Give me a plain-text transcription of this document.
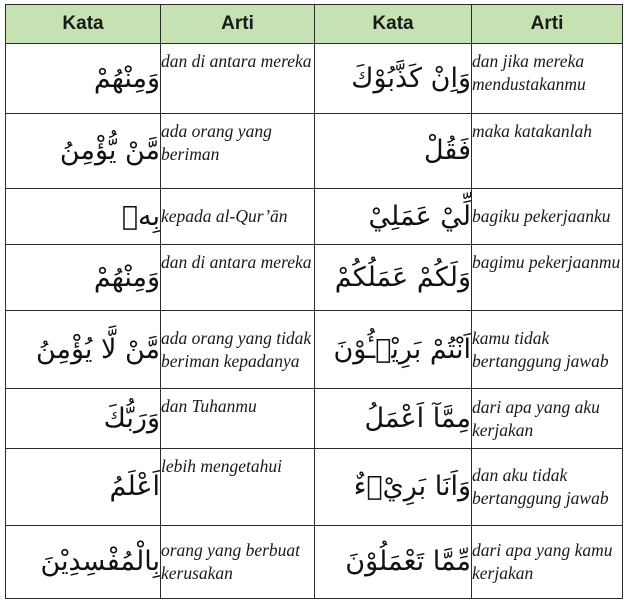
Kata	Arti	Kata	Arti
وَمِنْهُمْ	dan di antara mereka	وَاِنْ كَذَّبُوْكَ	dan jika mereka mendustakanmu
مَّنْ يُّؤْمِنُ	ada orang yang beriman	فَقُلْ	maka katakanlah
بِهٖ	kepada al-Qur’ān	لِّيْ عَمَلِيْ	bagiku pekerjaanku
وَمِنْهُمْ	dan di antara mereka	وَلَكُمْ عَمَلُكُمْ	bagimu pekerjaanmu
مَّنْ لَّا يُؤْمِنُ	ada orang yang tidak beriman kepadanya	اَنْتُمْ بَرِيْۤـُٔوْنَ	kamu tidak bertanggung jawab
وَرَبُّكَ	dan Tuhanmu	مِمَّآ اَعْمَلُ	dari apa yang aku kerjakan
اَعْلَمُ	lebih mengetahui	وَاَنَا بَرِيْۤءٌ	dan aku tidak bertanggung jawab
بِالْمُفْسِدِيْنَ	orang yang berbuat kerusakan	مِّمَّا تَعْمَلُوْنَ	dari apa yang kamu kerjakan
